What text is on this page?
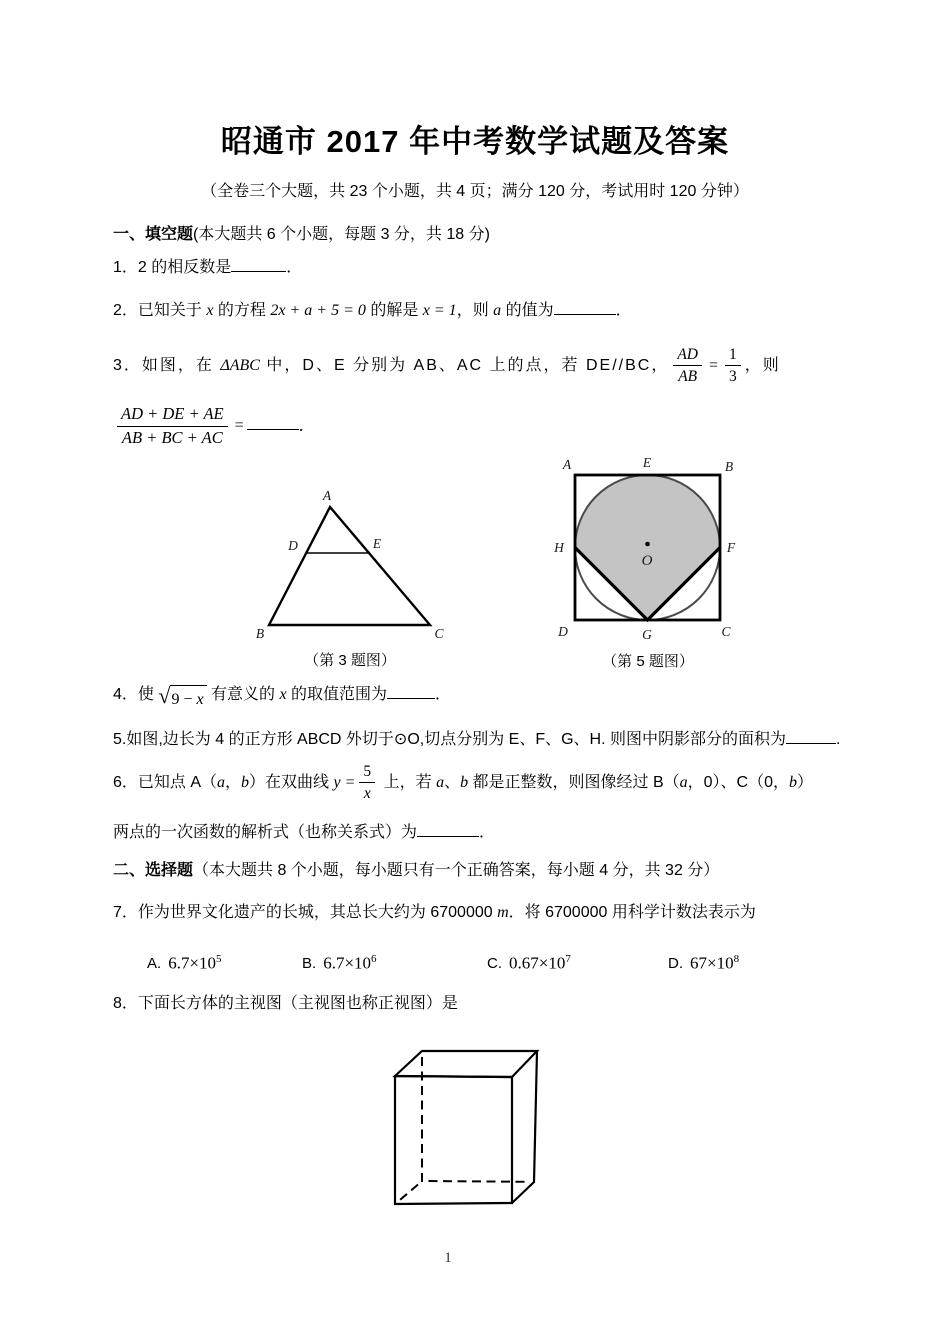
昭通市 2017 年中考数学试题及答案
（全卷三个大题，共 23 个小题，共 4 页；满分 120 分，考试用时 120 分钟）
一、填空题(本大题共 6 个小题，每题 3 分，共 18 分)
1．2 的相反数是	．
2．已知关于 x 的方程 2x + a + 5 = 0 的解是 x = 1，则 a 的值为	．
3．如图，在 ΔABC 中，D、E 分别为 AB、AC 上的点，若 DE//BC， $\frac{AD}{AB} = \frac{1}{3}$ ，则
$\frac{AD + DE + AE}{AB + BC + AC}$ =	．
A
D	E
B	C
（第 3 题图）
O
A	E	B
H	F
D	G	C
（第 5 题图）
4．使 √ 9 − x 有意义的 x 的取值范围为	．
5.如图,边长为 4 的正方形 ABCD 外切于⊙O,切点分别为 E、F、G、H. 则图中阴影部分的面积为	.
6．已知点 A（a，b）在双曲线 $y = \frac{5}{x}$ 上，若 a、b 都是正整数，则图像经过 B（a，0）、C（0，b）
两点的一次函数的解析式（也称关系式）为	．
二、选择题（本大题共 8 个小题，每小题只有一个正确答案，每小题 4 分，共 32 分）
7．作为世界文化遗产的长城，其总长大约为 6700000 m．将 6700000 用科学计数法表示为
A. $6.7\times 10^5$	B. $6.7\times 10^6$	C. $0.67\times 10^7$	D. $67\times 10^8$
8．下面长方体的主视图（主视图也称正视图）是
1
